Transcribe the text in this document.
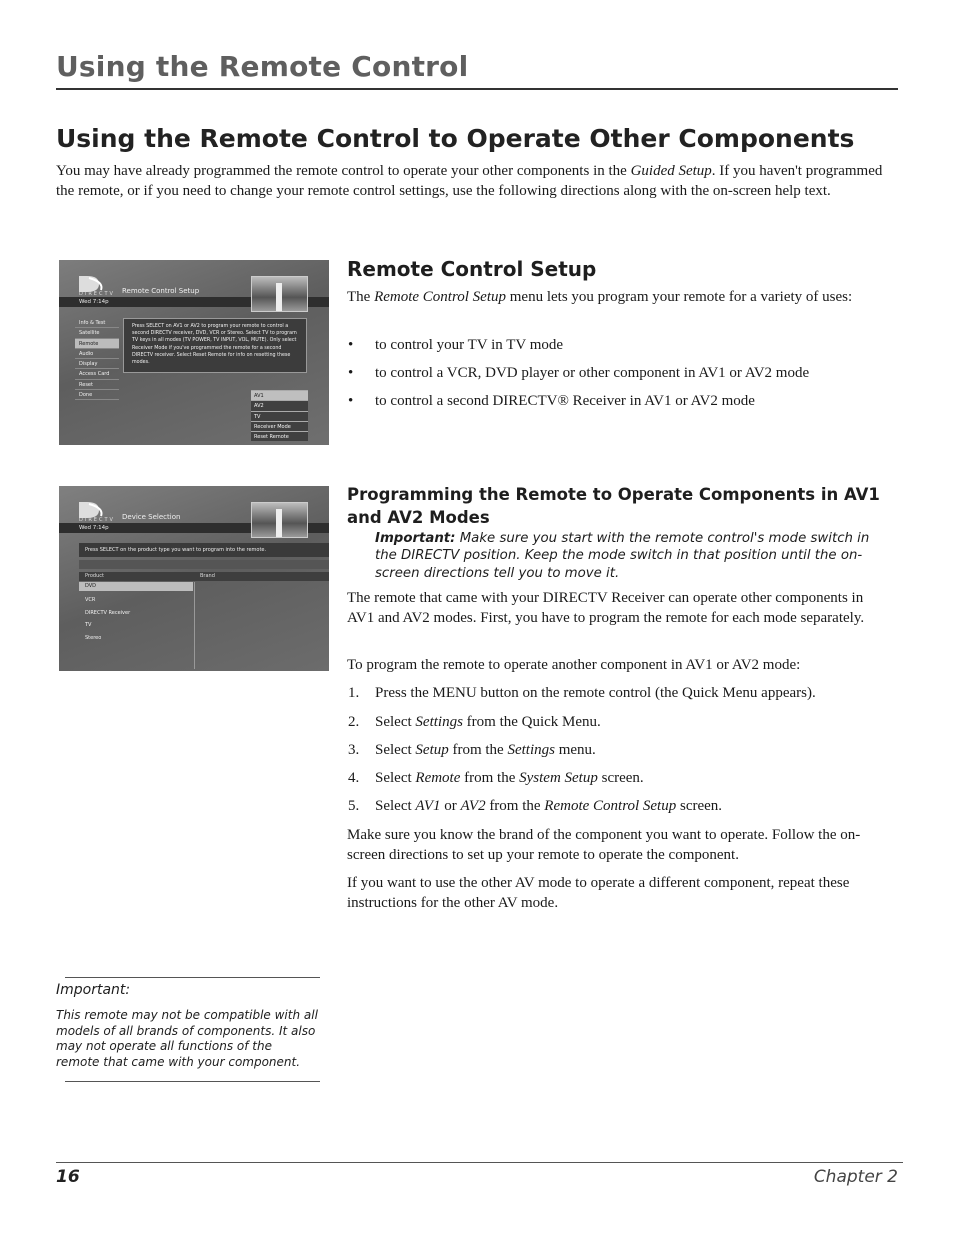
Using the Remote Control
Using the Remote Control to Operate Other Components

You may have already programmed the remote control to operate your other components in the Guided Setup. If you haven't programmed the remote, or if you need to change your remote control settings, use the following directions along with the on-screen help text.

DIRECTV
Wed 7:14p
Remote Control Setup
Info & Test
Satellite
Remote
Audio
Display
Access Card
Reset
Done
Press SELECT on AV1 or AV2 to program your remote to control a second DIRECTV receiver, DVD, VCR or Stereo. Select TV to program TV keys in all modes (TV POWER, TV INPUT, VOL, MUTE). Only select Receiver Mode if you've programmed the remote for a second DIRECTV receiver. Select Reset Remote for info on resetting these modes.
AV1
AV2
TV
Receiver Mode
Reset Remote
DIRECTV
Wed 7:14p
Device Selection
Press SELECT on the product type you want to program into the remote.
Product	Brand
DVD
VCR
DIRECTV Receiver
TV
Stereo
Remote Control Setup

The Remote Control Setup menu lets you program your remote for a variety of uses:

• to control your TV in TV mode
• to control a VCR, DVD player or other component in AV1 or AV2 mode
• to control a second DIRECTV® Receiver in AV1 or AV2 mode
Programming the Remote to Operate Components in AV1 and AV2 Modes

Important: Make sure you start with the remote control's mode switch in the DIRECTV position. Keep the mode switch in that position until the on-screen directions tell you to move it.

The remote that came with your DIRECTV Receiver can operate other components in AV1 and AV2 modes. First, you have to program the remote for each mode separately.

To program the remote to operate another component in AV1 or AV2 mode:

1. Press the MENU button on the remote control (the Quick Menu appears).
2. Select Settings from the Quick Menu.
3. Select Setup from the Settings menu.
4. Select Remote from the System Setup screen.
5. Select AV1 or AV2 from the Remote Control Setup screen.

Make sure you know the brand of the component you want to operate. Follow the on-screen directions to set up your remote to operate the component.

If you want to use the other AV mode to operate a different component, repeat these instructions for the other AV mode.

Important:

This remote may not be compatible with all models of all brands of components. It also may not operate all functions of the remote that came with your component.

16	Chapter 2
